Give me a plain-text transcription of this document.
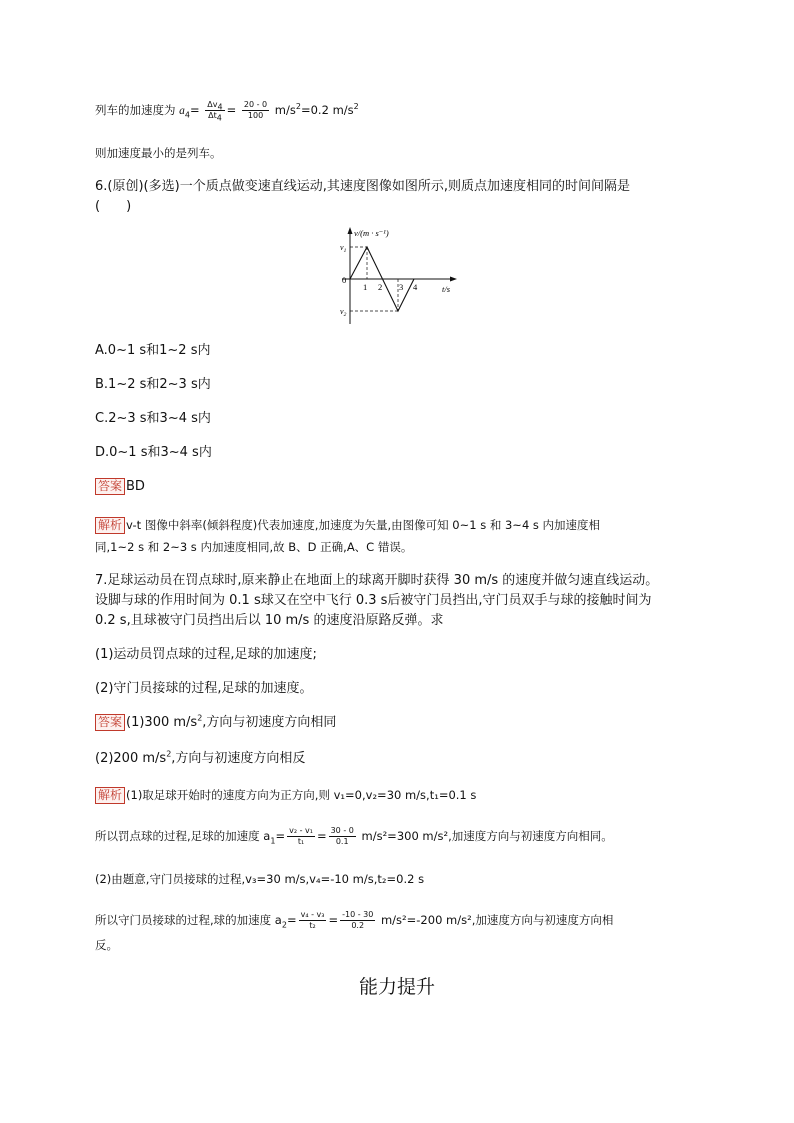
列车的加速度为 $a_4= \frac{\Delta v_4}{\Delta t_4} = \frac{20 - 0}{100} m/s^2=0.2$ $m/s^2$
则加速度最小的是列车。
6.(原创)(多选)一个质点做变速直线运动,其速度图像如图所示,则质点加速度相同的时间间隔是
(　　)
v/(m · s⁻¹)
$v_1$
$v_2$
0
1 2 3 4	t/s
A.0~1 s和1~2 s内
B.1~2 s和2~3 s内
C.2~3 s和3~4 s内
D.0~1 s和3~4 s内
答案 BD
解析 v-t 图像中斜率(倾斜程度)代表加速度,加速度为矢量,由图像可知 0~1 s 和 3~4 s 内加速度相
同,1~2 s 和 2~3 s 内加速度相同,故 B、D 正确,A、C 错误。
7.足球运动员在罚点球时,原来静止在地面上的球离开脚时获得 30 m/s 的速度并做匀速直线运动。
设脚与球的作用时间为 0.1 s球又在空中飞行 0.3 s后被守门员挡出,守门员双手与球的接触时间为
0.2 s,且球被守门员挡出后以 10 m/s 的速度沿原路反弹。求
(1)运动员罚点球的过程,足球的加速度;
(2)守门员接球的过程,足球的加速度。
答案 (1)300 $m/s^2$,方向与初速度方向相同
(2)200 $m/s^2$,方向与初速度方向相反
解析 (1)取足球开始时的速度方向为正方向,则 v₁=0,v₂=30 m/s,t₁=0.1 s
所以罚点球的过程,足球的加速度 $a_1= \frac{\text{v₂ - v₁}}{\text{t₁}} = \frac{30 - 0}{0.1} m/s^2=300$ m/s²,加速度方向与初速度方向相同。
(2)由题意,守门员接球的过程,v₃=30 m/s,v₄=-10 m/s,t₂=0.2 s
所以守门员接球的过程,球的加速度 $a_2= \frac{\text{v₄ - v₃}}{\text{t₂}} = \frac{-10 - 30}{0.2} m/s^2=-200$ m/s²,加速度方向与初速度方向相
反。
能力提升
